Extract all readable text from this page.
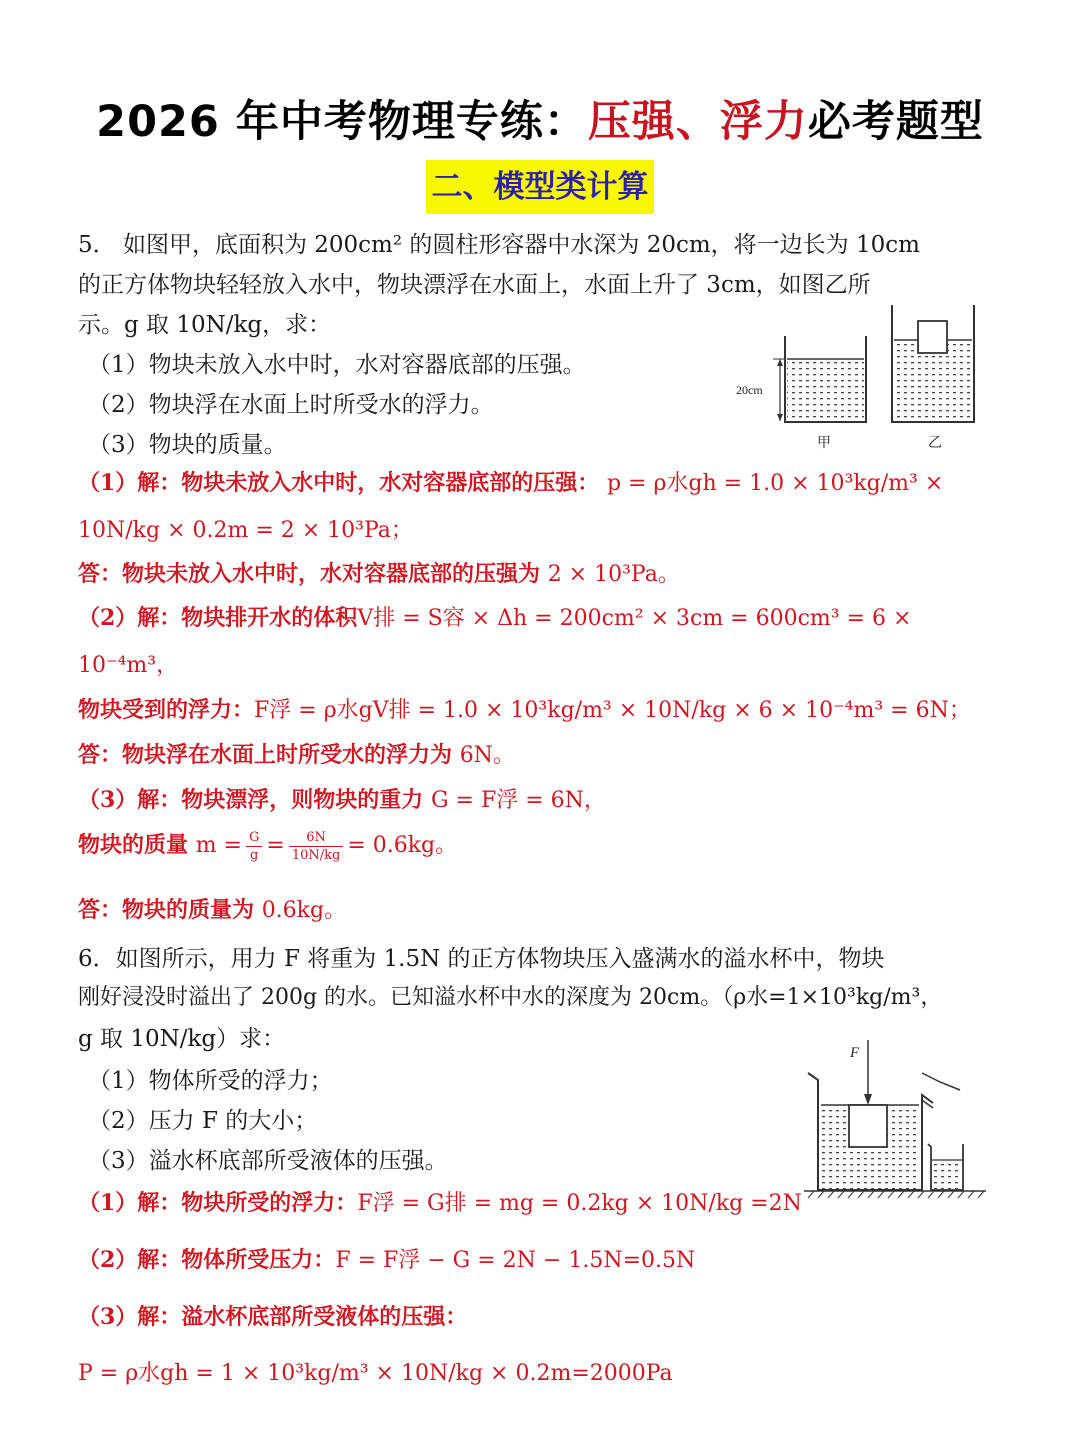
2026 年中考物理专练：压强、浮力必考题型
二、模型类计算
5． 如图甲，底面积为 200cm² 的圆柱形容器中水深为 20cm，将一边长为 10cm
的正方体物块轻轻放入水中，物块漂浮在水面上，水面上升了 3cm，如图乙所
示。g 取 10N/kg，求：
（1）物块未放入水中时，水对容器底部的压强。
（2）物块浮在水面上时所受水的浮力。
（3）物块的质量。
20cm
甲	乙
（1）解：物块未放入水中时，水对容器底部的压强： p = ρ水gh = 1.0 × 10³kg/m³ ×
10N/kg × 0.2m = 2 × 10³Pa；
答：物块未放入水中时，水对容器底部的压强为 2 × 10³Pa。
（2）解：物块排开水的体积V排 = S容 × Δh = 200cm² × 3cm = 600cm³ = 6 ×
10⁻⁴m³，
物块受到的浮力：F浮 = ρ水gV排 = 1.0 × 10³kg/m³ × 10N/kg × 6 × 10⁻⁴m³ = 6N；
答：物块浮在水面上时所受水的浮力为 6N。
（3）解：物块漂浮，则物块的重力 G = F浮 = 6N，
物块的质量 $m = \frac{G}{g} = \frac{6N}{10N/kg} = 0.6kg$。
答：物块的质量为 0.6kg。
6．如图所示，用力 F 将重为 1.5N 的正方体物块压入盛满水的溢水杯中，物块
刚好浸没时溢出了 200g 的水。已知溢水杯中水的深度为 20cm。（ρ水=1×10³kg/m³，
g 取 10N/kg）求：
（1）物体所受的浮力；
（2）压力 F 的大小；
（3）溢水杯底部所受液体的压强。
F
（1）解：物块所受的浮力：F浮 = G排 = mg = 0.2kg × 10N/kg =2N
（2）解：物体所受压力：F = F浮 − G = 2N − 1.5N=0.5N
（3）解：溢水杯底部所受液体的压强：
P = ρ水gh = 1 × 10³kg/m³ × 10N/kg × 0.2m=2000Pa
